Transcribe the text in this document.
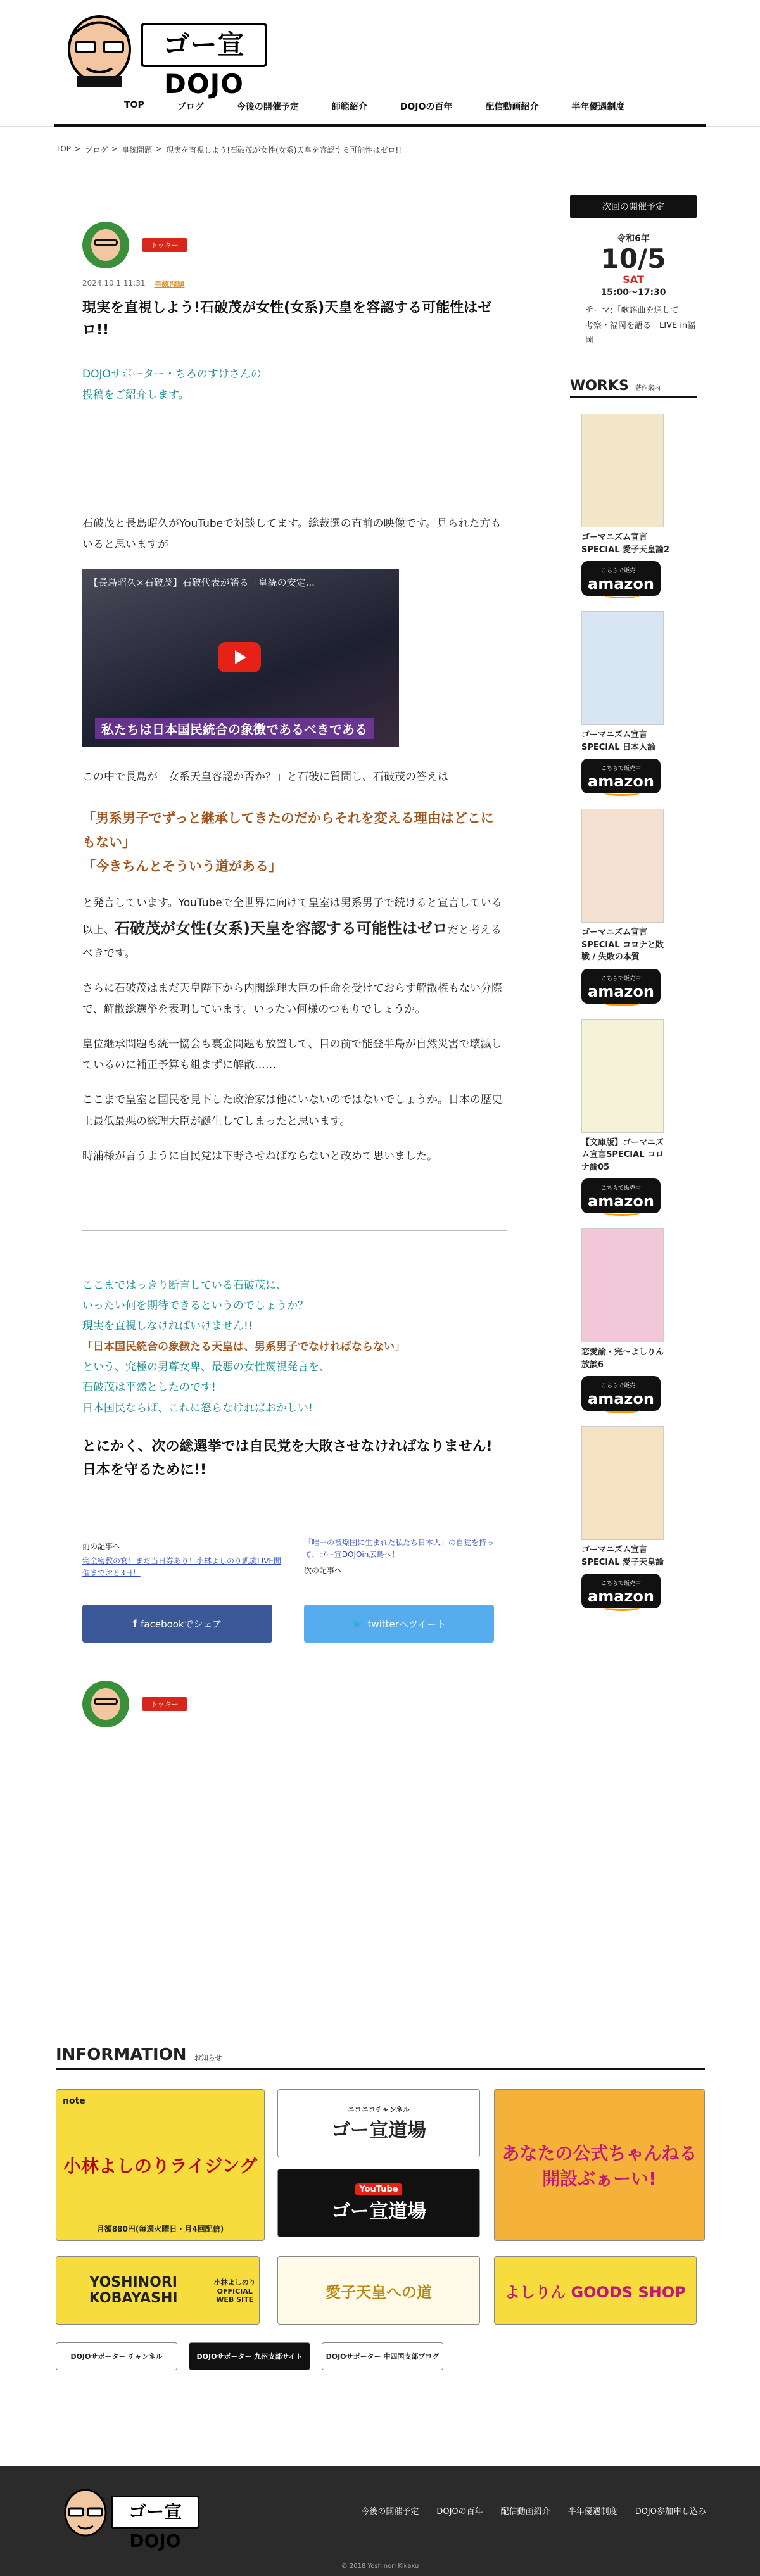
ゴー宣DOJO
TOP	ブログ	今後の開催予定	師範紹介	DOJOの百年	配信動画紹介	半年優遇制度
TOP > ブログ > 皇統問題 > 現実を直視しよう!石破茂が女性(女系)天皇を容認する可能性はゼロ!!
トッキー
2024.10.1 11:31 皇統問題
現実を直視しよう!石破茂が女性(女系)天皇を容認する可能性はゼロ!!
DOJOサポーター・ちろのすけさんの
投稿をご紹介します。

石破茂と長島昭久がYouTubeで対談してます。総裁選の直前の映像です。見られた方もいると思いますが

【長島昭久×石破茂】石破代表が語る「皇統の安定...
私たちは日本国民統合の象徴であるべきである

この中で長島が「女系天皇容認か否か？」と石破に質問し、石破茂の答えは

「男系男子でずっと継承してきたのだからそれを変える理由はどこにもない」
「今きちんとそういう道がある」

と発言しています。YouTubeで全世界に向けて皇室は男系男子で続けると宣言している以上、石破茂が女性(女系)天皇を容認する可能性はゼロだと考えるべきです。

さらに石破茂はまだ天皇陛下から内閣総理大臣の任命を受けておらず解散権もない分際で、解散総選挙を表明しています。いったい何様のつもりでしょうか。

皇位継承問題も統一協会も裏金問題も放置して、目の前で能登半島が自然災害で壊滅しているのに補正予算も組まずに解散……

ここまで皇室と国民を見下した政治家は他にいないのではないでしょうか。日本の歴史上最低最悪の総理大臣が誕生してしまったと思います。

時浦様が言うように自民党は下野させねばならないと改めて思いました。

ここまではっきり断言している石破茂に、
いったい何を期待できるというのでしょうか？
現実を直視しなければいけません!!
「日本国民統合の象徴たる天皇は、男系男子でなければならない」
という、究極の男尊女卑、最悪の女性蔑視発言を、
石破茂は平然としたのです!
日本国民ならば、これに怒らなければおかしい!
とにかく、次の総選挙では自民党を大敗させなければなりません!
日本を守るために!!
前の記事へ
完全密教の宴！まだ当日券あり！小林よしのり凱旋LIVE開催までおと3日！
「唯一の被爆国に生まれた私たち日本人」の自覚を持って、ゴー宣DOJOin広島へ！
次の記事へ
f facebookでシェア	🐦 twitterへツイート
トッキー
次回の開催予定
令和6年
10/5
SAT
15:00〜17:30
テーマ:「歌謡曲を通して
考察・福岡を語る」LIVE in福
岡
WORKS 著作案内
ゴーマニズム宣言SPECIAL 愛子天皇論2
こちらで販売中
amazon
ゴーマニズム宣言SPECIAL 日本人論
こちらで販売中
amazon
ゴーマニズム宣言SPECIAL コロナと敗戦 / 失敗の本質
こちらで販売中
amazon
【文庫版】ゴーマニズム宣言SPECIAL コロナ論05
こちらで販売中
amazon
恋愛論・完～よしりん放談6
こちらで販売中
amazon
ゴーマニズム宣言SPECIAL 愛子天皇論
こちらで販売中
amazon
INFORMATION お知らせ
note
小林よしのりライジング
月額880円(毎週火曜日・月4回配信)
ニコニコチャンネル
ゴー宣道場
YouTube
ゴー宣道場
あなたの公式ちゃんねる 開設ぶぁーい!
YOSHINORI KOBAYASHI
小林よしのり OFFICIAL WEB SITE	愛子天皇への道	よしりん GOODS SHOP
DOJOサポーター チャンネル	DOJOサポーター 九州支部サイト	DOJOサポーター 中四国支部ブログ
ゴー宣DOJO
今後の開催予定 DOJOの百年 配信動画紹介 半年優遇制度 DOJO参加申し込み
© 2018 Yoshinori Kikaku
